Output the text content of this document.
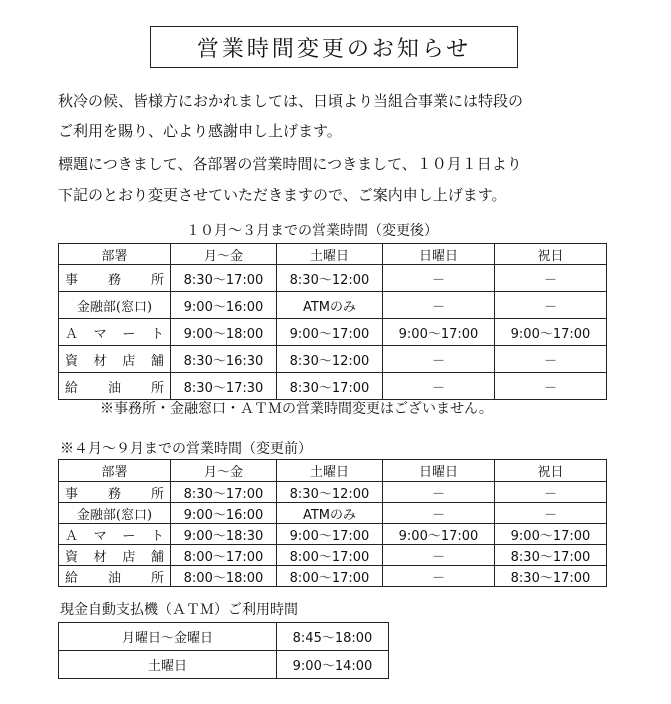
営業時間変更のお知らせ
秋冷の候、皆様方におかれましては、日頃より当組合事業には特段の
ご利用を賜り、心より感謝申し上げます。
標題につきまして、各部署の営業時間につきまして、１０月１日より
下記のとおり変更させていただきますので、ご案内申し上げます。
１０月～３月までの営業時間（変更後）
部署	月～金	土曜日	日曜日	祝日
事務所	8:30～17:00	8:30～12:00	－	－
金融部(窓口)	9:00～16:00	ATMのみ	－	－
Ａマート	9:00～18:00	9:00～17:00	9:00～17:00	9:00～17:00
資材店舗	8:30～16:30	8:30～12:00	－	－
給油所	8:30～17:30	8:30～17:00	－	－
※事務所・金融窓口・ＡＴＭの営業時間変更はございません。
※４月～９月までの営業時間（変更前）
部署	月～金	土曜日	日曜日	祝日
事務所	8:30～17:00	8:30～12:00	－	－
金融部(窓口)	9:00～16:00	ATMのみ	－	－
Ａマート	9:00～18:30	9:00～17:00	9:00～17:00	9:00～17:00
資材店舗	8:00～17:00	8:00～17:00	－	8:30～17:00
給油所	8:00～18:00	8:00～17:00	－	8:30～17:00
現金自動支払機（ＡＴＭ）ご利用時間
月曜日～金曜日	8:45～18:00
土曜日	9:00～14:00
